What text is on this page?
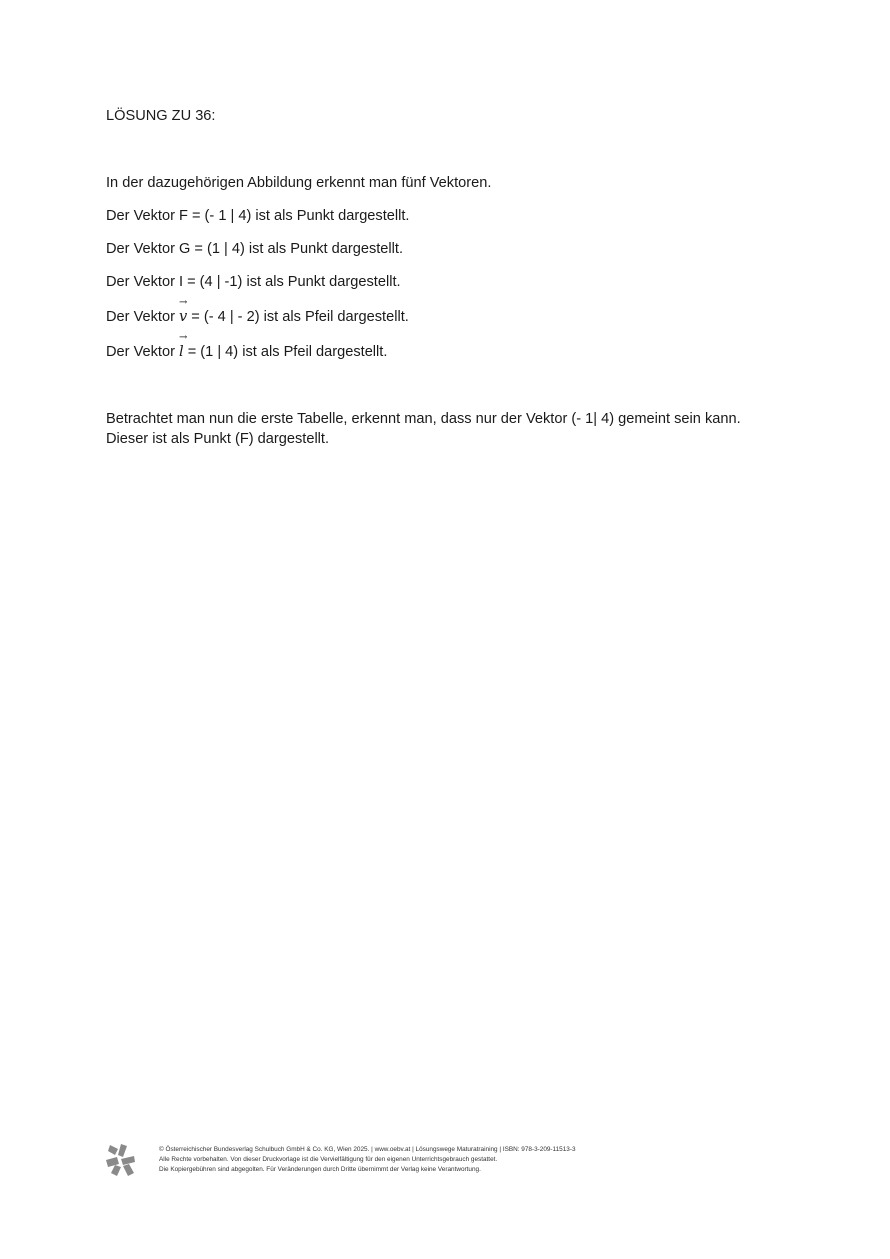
LÖSUNG ZU 36:

In der dazugehörigen Abbildung erkennt man fünf Vektoren.

Der Vektor F = (- 1 | 4) ist als Punkt dargestellt.

Der Vektor G = (1 | 4) ist als Punkt dargestellt.

Der Vektor I = (4 | -1) ist als Punkt dargestellt.

Der Vektor
→
v = (- 4 | - 2) ist als Pfeil dargestellt.

Der Vektor
→
l = (1 | 4) ist als Pfeil dargestellt.

Betrachtet man nun die erste Tabelle, erkennt man, dass nur der Vektor (- 1| 4) gemeint sein kann.
Dieser ist als Punkt (F) dargestellt.

© Österreichischer Bundesverlag Schulbuch GmbH & Co. KG, Wien 2025. | www.oebv.at | Lösungswege Maturatraining | ISBN: 978-3-209-11513-3
Alle Rechte vorbehalten. Von dieser Druckvorlage ist die Vervielfältigung für den eigenen Unterrichtsgebrauch gestattet.
Die Kopiergebühren sind abgegolten. Für Veränderungen durch Dritte übernimmt der Verlag keine Verantwortung.
